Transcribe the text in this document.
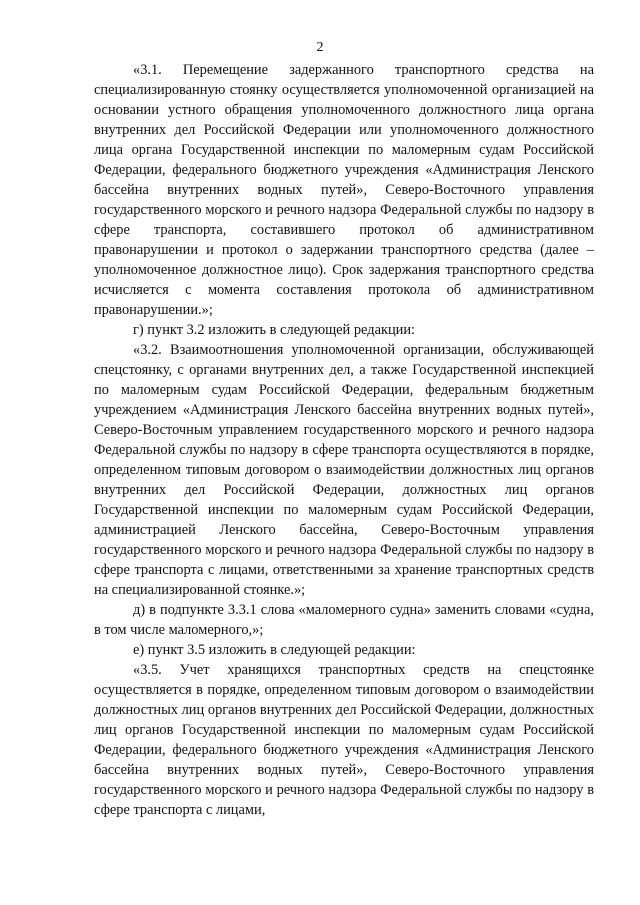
2

«3.1. Перемещение задержанного транспортного средства на специализированную стоянку осуществляется уполномоченной организацией на основании устного обращения уполномоченного должностного лица органа внутренних дел Российской Федерации или уполномоченного должностного лица органа Государственной инспекции по маломерным судам Российской Федерации, федерального бюджетного учреждения «Администрация Ленского бассейна внутренних водных путей», Северо-Восточного управления государственного морского и речного надзора Федеральной службы по надзору в сфере транспорта, составившего протокол об административном правонарушении и протокол о задержании транспортного средства (далее – уполномоченное должностное лицо). Срок задержания транспортного средства исчисляется с момента составления протокола об административном правонарушении.»;

г) пункт 3.2 изложить в следующей редакции:

«3.2. Взаимоотношения уполномоченной организации, обслуживающей спецстоянку, с органами внутренних дел, а также Государственной инспекцией по маломерным судам Российской Федерации, федеральным бюджетным учреждением «Администрация Ленского бассейна внутренних водных путей», Северо-Восточным управлением государственного морского и речного надзора Федеральной службы по надзору в сфере транспорта осуществляются в порядке, определенном типовым договором о взаимодействии должностных лиц органов внутренних дел Российской Федерации, должностных лиц органов Государственной инспекции по маломерным судам Российской Федерации, администрацией Ленского бассейна, Северо-Восточным управления государственного морского и речного надзора Федеральной службы по надзору в сфере транспорта с лицами, ответственными за хранение транспортных средств на специализированной стоянке.»;

д) в подпункте 3.3.1 слова «маломерного судна» заменить словами «судна, в том числе маломерного,»;

е) пункт 3.5 изложить в следующей редакции:

«3.5. Учет хранящихся транспортных средств на спецстоянке осуществляется в порядке, определенном типовым договором о взаимодействии должностных лиц органов внутренних дел Российской Федерации, должностных лиц органов Государственной инспекции по маломерным судам Российской Федерации, федерального бюджетного учреждения «Администрация Ленского бассейна внутренних водных путей», Северо-Восточного управления государственного морского и речного надзора Федеральной службы по надзору в сфере транспорта с лицами,
